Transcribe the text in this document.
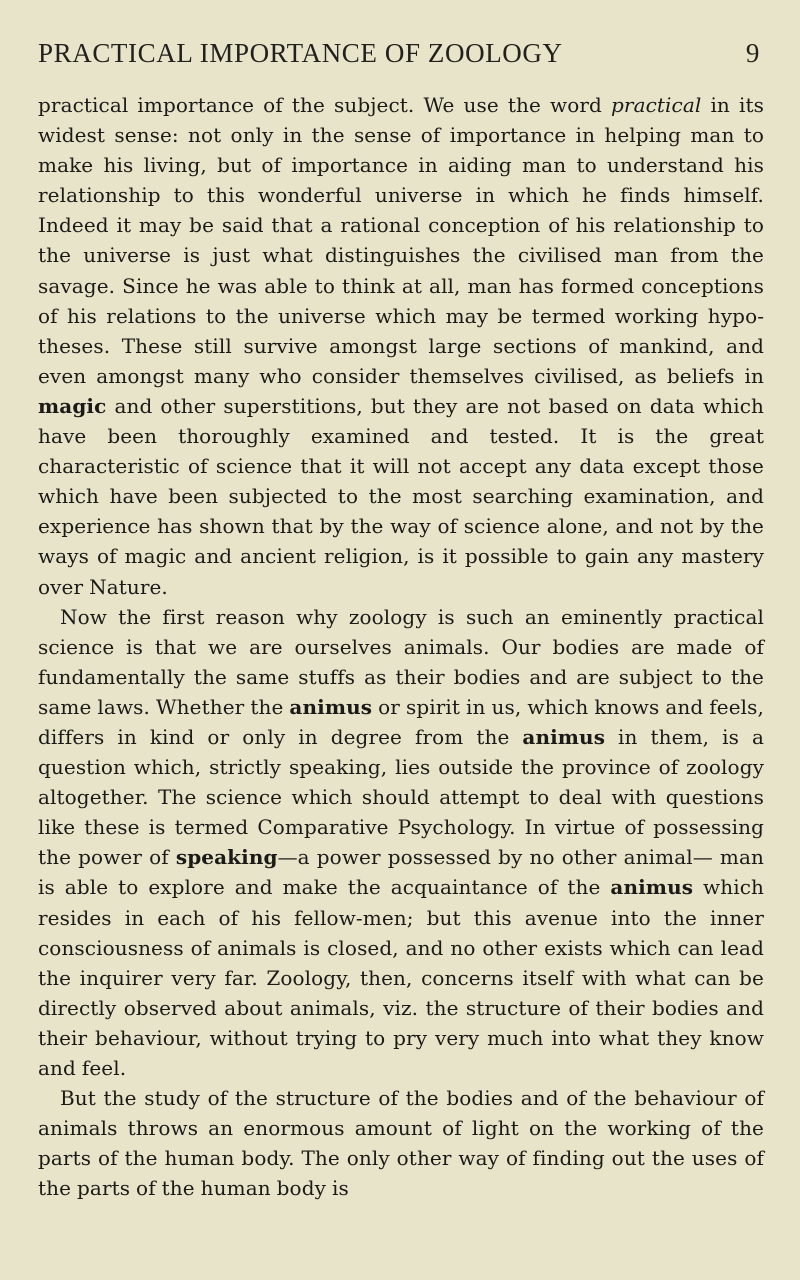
PRACTICAL IMPORTANCE OF ZOOLOGY	9

practical importance of the subject. We use the word practical in its widest sense: not only in the sense of importance in helping man to make his living, but of importance in aiding man to understand his relationship to this wonderful universe in which he finds himself. Indeed it may be said that a rational conception of his relationship to the universe is just what distinguishes the civilised man from the savage. Since he was able to think at all, man has formed conceptions of his relations to the universe which may be termed working hypotheses. These still survive amongst large sections of mankind, and even amongst many who consider themselves civilised, as beliefs in magic and other superstitions, but they are not based on data which have been thoroughly examined and tested. It is the great characteristic of science that it will not accept any data except those which have been subjected to the most searching examination, and experience has shown that by the way of science alone, and not by the ways of magic and ancient religion, is it possible to gain any mastery over Nature.

Now the first reason why zoology is such an eminently practical science is that we are ourselves animals. Our bodies are made of fundamentally the same stuffs as their bodies and are subject to the same laws. Whether the animus or spirit in us, which knows and feels, differs in kind or only in degree from the animus in them, is a question which, strictly speaking, lies outside the province of zoology altogether. The science which should attempt to deal with questions like these is termed Comparative Psychology. In virtue of possessing the power of speaking—a power possessed by no other animal— man is able to explore and make the acquaintance of the animus which resides in each of his fellow-men; but this avenue into the inner consciousness of animals is closed, and no other exists which can lead the inquirer very far. Zoology, then, concerns itself with what can be directly observed about animals, viz. the structure of their bodies and their behaviour, without trying to pry very much into what they know and feel.

But the study of the structure of the bodies and of the behaviour of animals throws an enormous amount of light on the working of the parts of the human body. The only other way of finding out the uses of the parts of the human body is
